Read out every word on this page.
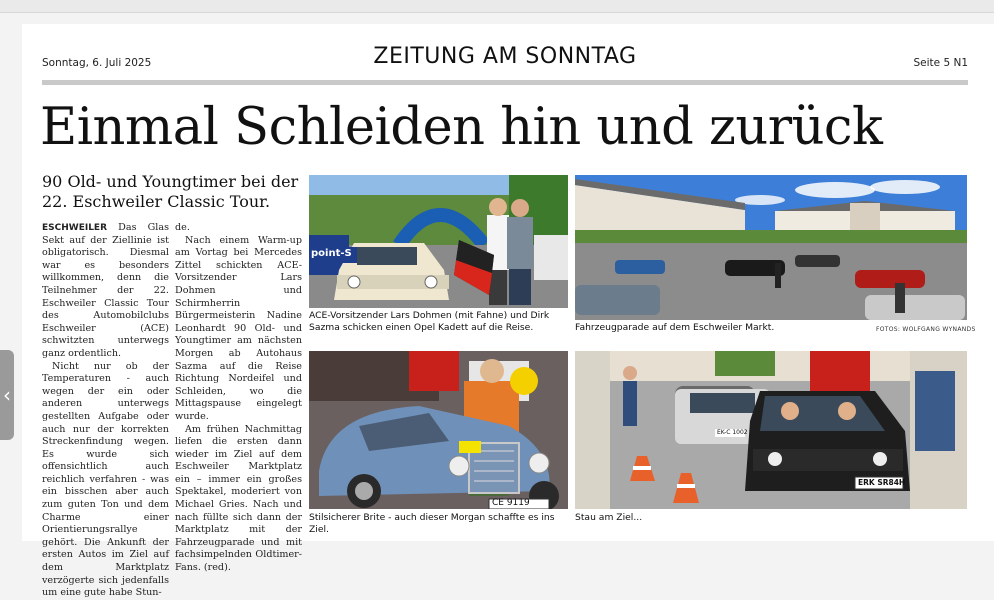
‹
Sonntag, 6. Juli 2025	ZEITUNG AM SONNTAG	Seite 5 N1
Einmal Schleiden hin und zurück
90 Old- und Youngtimer bei der 22. Eschweiler Classic Tour.

ESCHWEILER Das Glas Sekt auf der Ziellinie ist obligatorisch. Diesmal war es besonders willkommen, denn die Teilnehmer der 22. Eschweiler Classic Tour des Automobilclubs Eschweiler (ACE) schwitzten unterwegs ganz ordentlich.

Nicht nur ob der Temperaturen - auch wegen der ein oder anderen unterwegs gestellten Aufgabe oder auch nur der korrekten Streckenfindung wegen. Es wurde sich offensichtlich auch reichlich verfahren - was ein bisschen aber auch zum guten Ton und dem Charme einer Orientierungsrallye gehört. Die Ankunft der ersten Autos im Ziel auf dem Marktplatz verzögerte sich jedenfalls um eine gute habe Stun-

de.

Nach einem Warm-up am Vortag bei Mercedes Zittel schickten ACE-Vorsitzender Lars Dohmen und Schirmherrin Bürgermeisterin Nadine Leonhardt 90 Old- und Youngtimer am nächsten Morgen ab Autohaus Sazma auf die Reise Richtung Nordeifel und Schleiden, wo die Mittagspause eingelegt wurde.

Am frühen Nachmittag liefen die ersten dann wieder im Ziel auf dem Eschweiler Marktplatz ein – immer ein großes Spektakel, moderiert von Michael Gries. Nach und nach füllte sich dann der Marktplatz mit der Fahrzeugparade und mit fachsimpelnden Oldtimer-Fans. (red).

point-S
ACE-Vorsitzender Lars Dohmen (mit Fahne) und Dirk Sazma schicken einen Opel Kadett auf die Reise.	Fahrzeugparade auf dem Eschweiler Markt.	FOTOS: WOLFGANG WYNANDS
CE 9119
Stilsicherer Brite - auch dieser Morgan schaffte es ins Ziel.
EK-C 1002
ERK SR84H
Stau am Ziel...
